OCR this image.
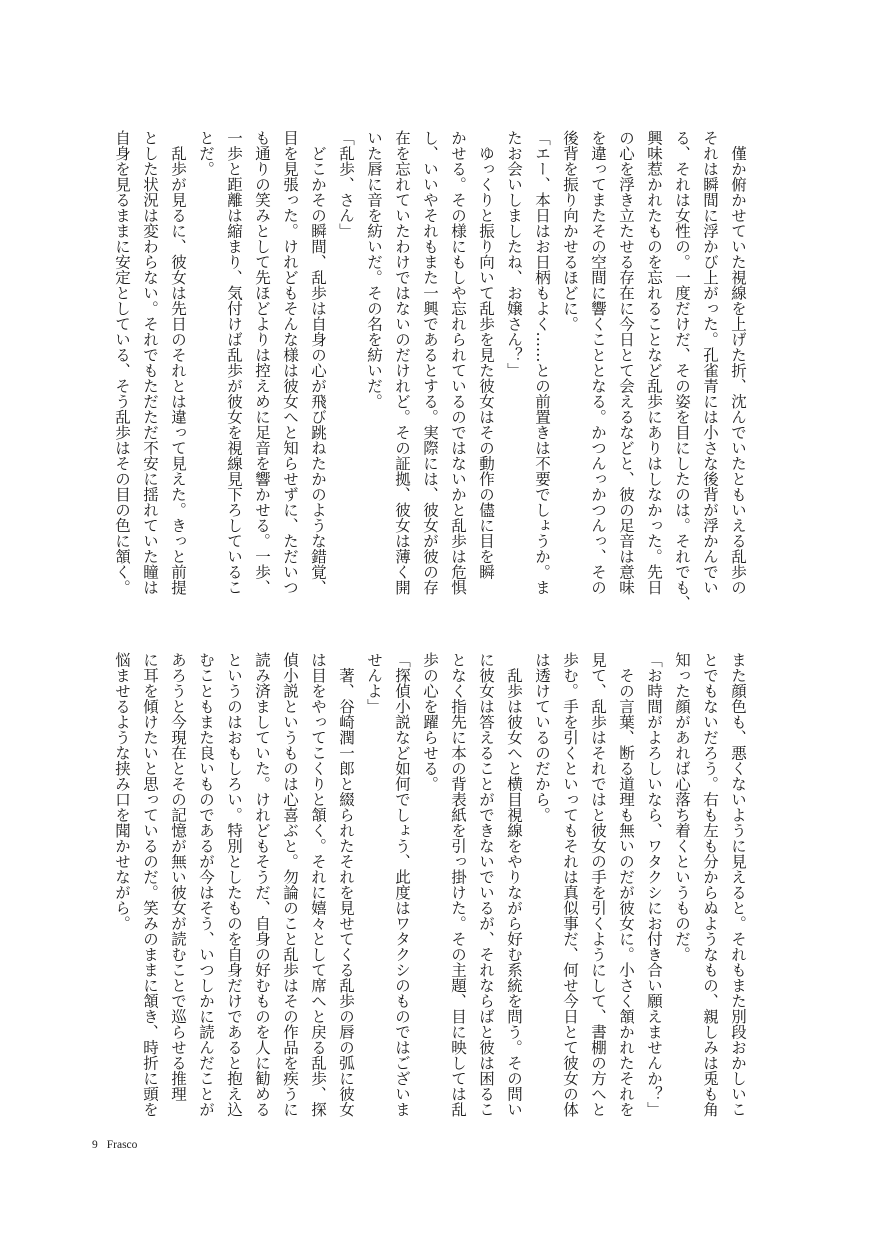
　僅か俯かせていた視線を上げた折、沈んでいたともいえる乱歩の
それは瞬間に浮かび上がった。孔雀青には小さな後背が浮かんでい
る、それは女性の。一度だけだ、その姿を目にしたのは。それでも、
興味惹かれたものを忘れることなど乱歩にありはしなかった。先日
の心を浮き立たせる存在に今日とて会えるなどと、彼の足音は意味
を違ってまたその空間に響くこととなる。かつんっかつんっ、その
後背を振り向かせるほどに。
「エー、本日はお日柄もよく……との前置きは不要でしょうか。ま
たお会いしましたね、お嬢さん？」
　ゆっくりと振り向いて乱歩を見た彼女はその動作の儘に目を瞬
かせる。その様にもしや忘れられているのではないかと乱歩は危惧
し、いいやそれもまた一興であるとする。実際には、彼女が彼の存
在を忘れていたわけではないのだけれど。その証拠、彼女は薄く開
いた唇に音を紡いだ。その名を紡いだ。
「乱歩、さん」
　どこかその瞬間、乱歩は自身の心が飛び跳ねたかのような錯覚、
目を見張った。けれどもそんな様は彼女へと知らせずに、ただいつ
も通りの笑みとして先ほどよりは控えめに足音を響かせる。一歩、
一歩と距離は縮まり、気付けば乱歩が彼女を視線見下ろしているこ
とだ。
　乱歩が見るに、彼女は先日のそれとは違って見えた。きっと前提
とした状況は変わらない。それでもただただ不安に揺れていた瞳は
自身を見るままに安定としている、そう乱歩はその目の色に頷く。
また顔色も、悪くないように見えると。それもまた別段おかしいこ
とでもないだろう。右も左も分からぬようなもの、親しみは兎も角
知った顔があれば心落ち着くというものだ。
「お時間がよろしいなら、ワタクシにお付き合い願えませんか？」
　その言葉、断る道理も無いのだが彼女に。小さく頷かれたそれを
見て、乱歩はそれではと彼女の手を引くようにして、書棚の方へと
歩む。手を引くといってもそれは真似事だ、何せ今日とて彼女の体
は透けているのだから。
　乱歩は彼女へと横目視線をやりながら好む系統を問う。その問い
に彼女は答えることができないでいるが、それならばと彼は困るこ
となく指先に本の背表紙を引っ掛けた。その主題、目に映しては乱
歩の心を躍らせる。
「探偵小説など如何でしょう、此度はワタクシのものではございま
せんよ」
　著、谷崎潤一郎と綴られたそれを見せてくる乱歩の唇の弧に彼女
は目をやってこくりと頷く。それに嬉々として席へと戻る乱歩、探
偵小説というものは心喜ぶと。勿論のこと乱歩はその作品を疾うに
読み済ましていた。けれどもそうだ、自身の好むものを人に勧める
というのはおもしろい。特別としたものを自身だけであると抱え込
むこともまた良いものであるが今はそう、いつしかに読んだことが
あろうと今現在とその記憶が無い彼女が読むことで巡らせる推理
に耳を傾けたいと思っているのだ。笑みのままに頷き、時折に頭を
悩ませるような挟み口を聞かせながら。
9 Frasco
